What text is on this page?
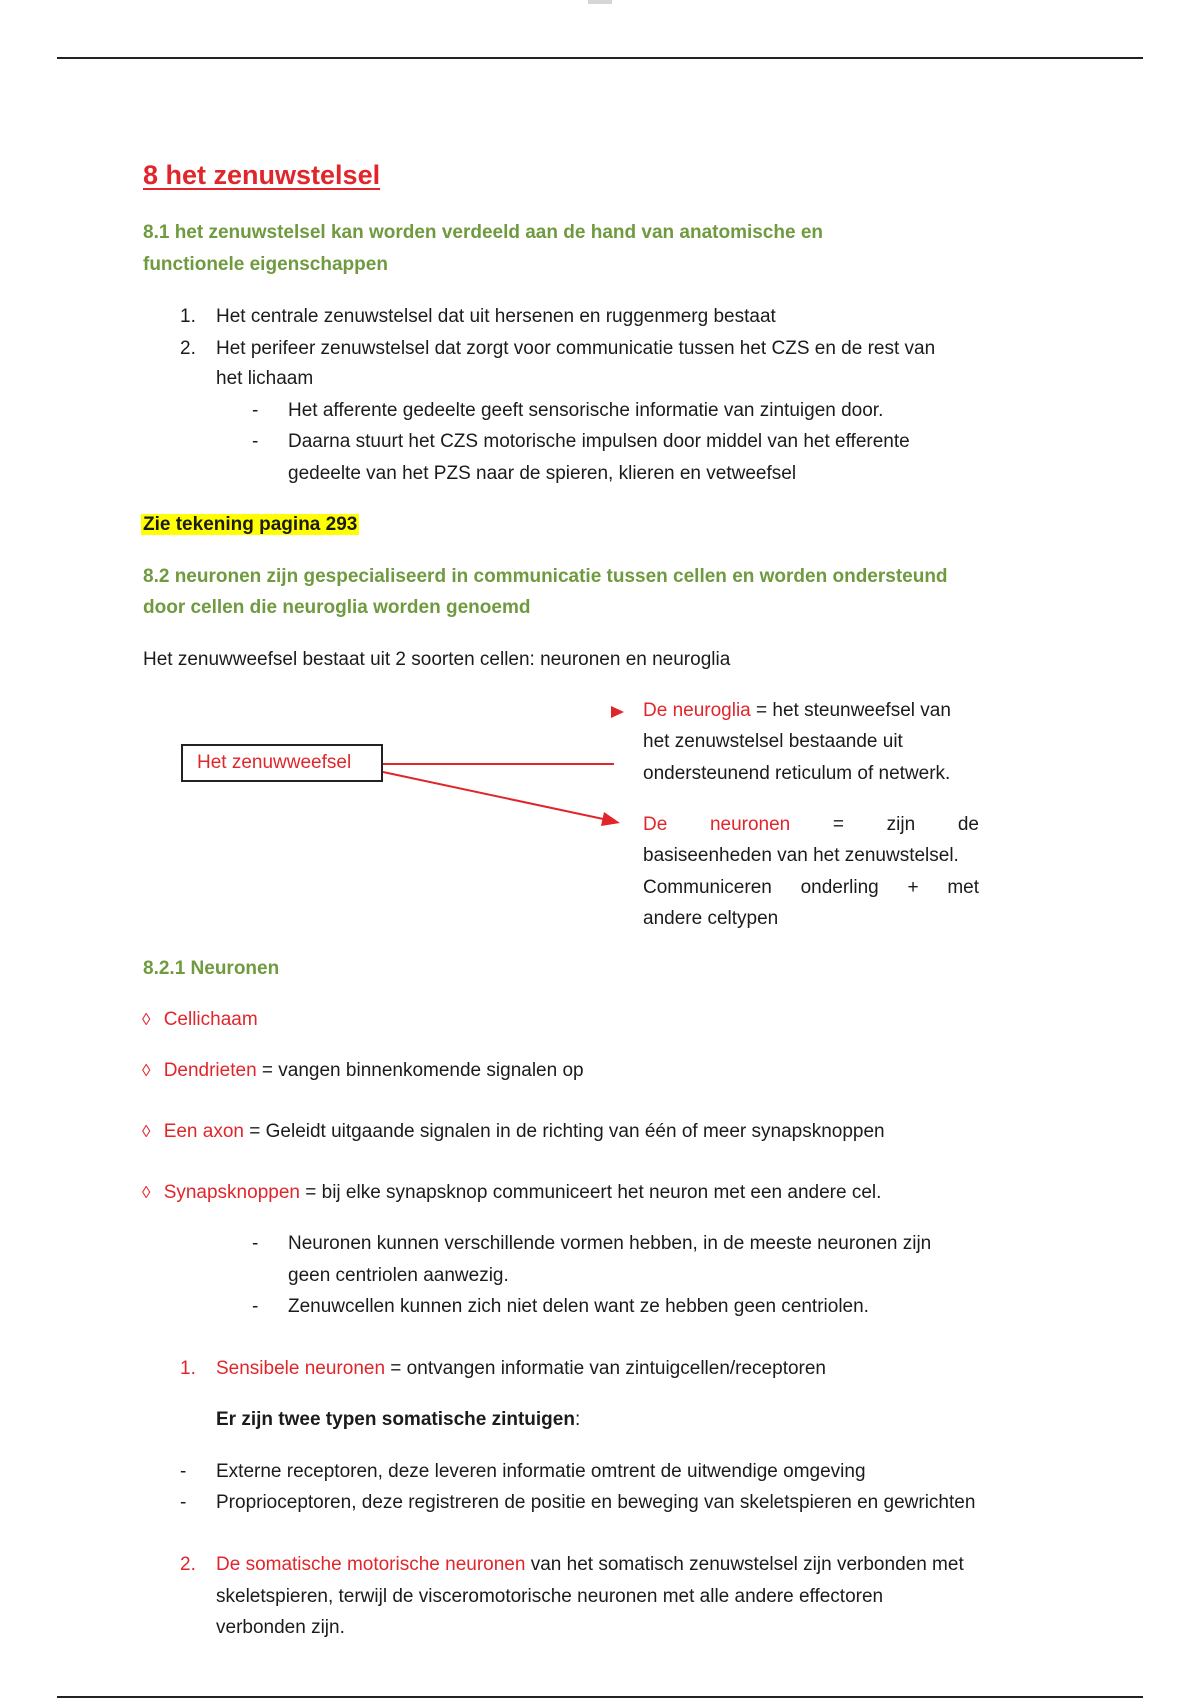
8 het zenuwstelsel
8.1 het zenuwstelsel kan worden verdeeld aan de hand van anatomische en
functionele eigenschappen
1. Het centrale zenuwstelsel dat uit hersenen en ruggenmerg bestaat
2. Het perifeer zenuwstelsel dat zorgt voor communicatie tussen het CZS en de rest van
het lichaam
- Het afferente gedeelte geeft sensorische informatie van zintuigen door.
- Daarna stuurt het CZS motorische impulsen door middel van het efferente
gedeelte van het PZS naar de spieren, klieren en vetweefsel
Zie tekening pagina 293
8.2 neuronen zijn gespecialiseerd in communicatie tussen cellen en worden ondersteund
door cellen die neuroglia worden genoemd
Het zenuwweefsel bestaat uit 2 soorten cellen: neuronen en neuroglia
Het zenuwweefsel
De neuroglia = het steunweefsel van
het zenuwstelsel bestaande uit
ondersteunend reticulum of netwerk.
De neuronen = zijn de
basiseenheden van het zenuwstelsel.
Communiceren onderling + met
andere celtypen
8.2.1 Neuronen
◊ Cellichaam
◊ Dendrieten = vangen binnenkomende signalen op
◊ Een axon = Geleidt uitgaande signalen in de richting van één of meer synapsknoppen
◊ Synapsknoppen = bij elke synapsknop communiceert het neuron met een andere cel.
- Neuronen kunnen verschillende vormen hebben, in de meeste neuronen zijn
geen centriolen aanwezig.
- Zenuwcellen kunnen zich niet delen want ze hebben geen centriolen.
1. Sensibele neuronen = ontvangen informatie van zintuigcellen/receptoren
Er zijn twee typen somatische zintuigen:
- Externe receptoren, deze leveren informatie omtrent de uitwendige omgeving
- Proprioceptoren, deze registreren de positie en beweging van skeletspieren en gewrichten
2. De somatische motorische neuronen van het somatisch zenuwstelsel zijn verbonden met
skeletspieren, terwijl de visceromotorische neuronen met alle andere effectoren
verbonden zijn.
